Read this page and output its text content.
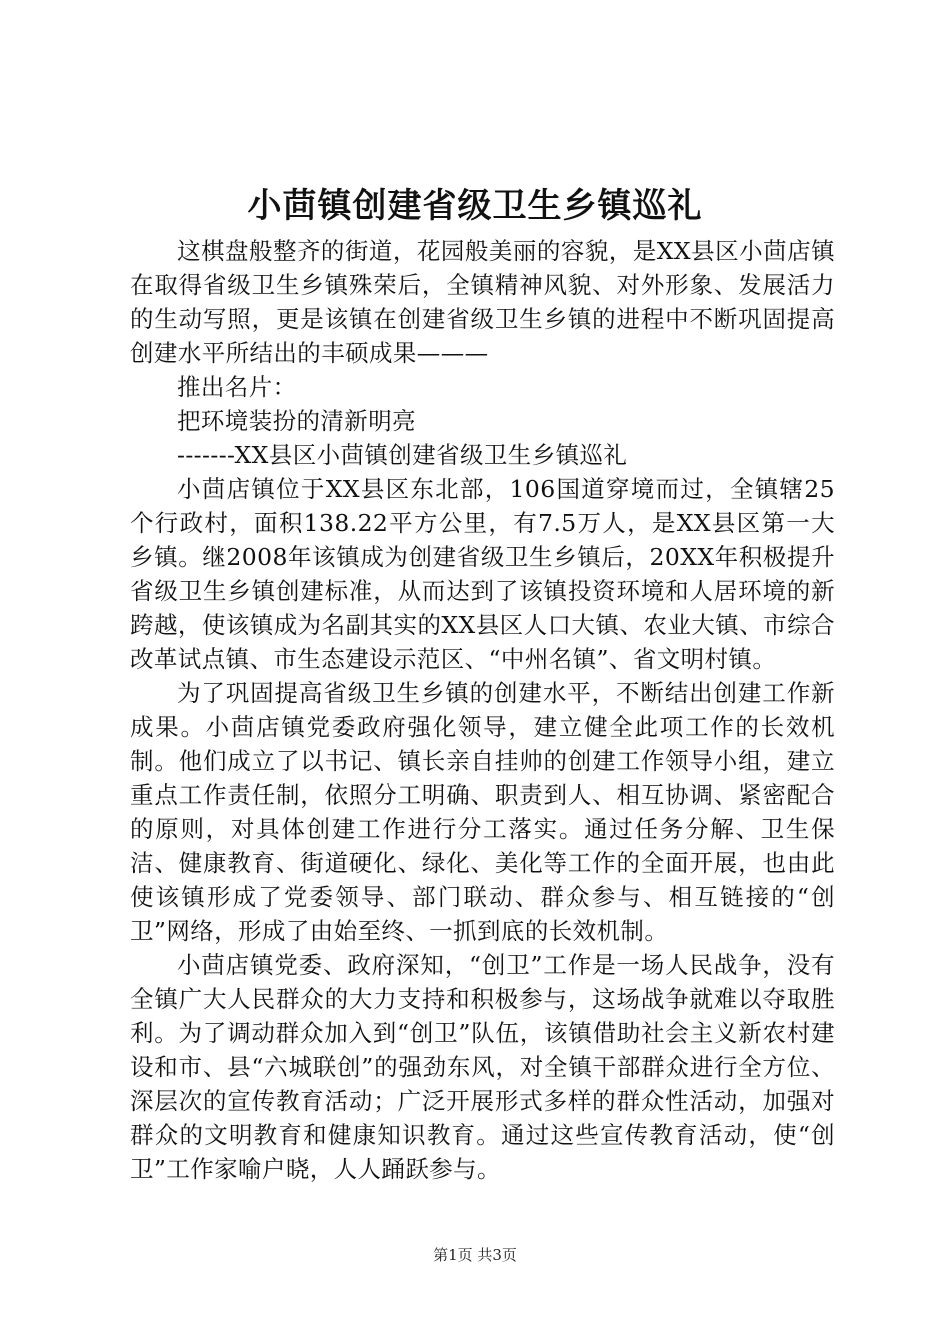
小茴镇创建省级卫生乡镇巡礼

这棋盘般整齐的街道，花园般美丽的容貌，是XX县区小茴店镇在取得省级卫生乡镇殊荣后，全镇精神风貌、对外形象、发展活力的生动写照，更是该镇在创建省级卫生乡镇的进程中不断巩固提高创建水平所结出的丰硕成果———

推出名片：

把环境装扮的清新明亮

-------XX县区小茴镇创建省级卫生乡镇巡礼

小茴店镇位于XX县区东北部，106国道穿境而过，全镇辖25个行政村，面积138.22平方公里，有7.5万人，是XX县区第一大乡镇。继2008年该镇成为创建省级卫生乡镇后，20XX年积极提升省级卫生乡镇创建标准，从而达到了该镇投资环境和人居环境的新跨越，使该镇成为名副其实的XX县区人口大镇、农业大镇、市综合改革试点镇、市生态建设示范区、“中州名镇”、省文明村镇。

为了巩固提高省级卫生乡镇的创建水平，不断结出创建工作新成果。小茴店镇党委政府强化领导，建立健全此项工作的长效机制。他们成立了以书记、镇长亲自挂帅的创建工作领导小组，建立重点工作责任制，依照分工明确、职责到人、相互协调、紧密配合的原则，对具体创建工作进行分工落实。通过任务分解、卫生保洁、健康教育、街道硬化、绿化、美化等工作的全面开展，也由此使该镇形成了党委领导、部门联动、群众参与、相互链接的“创卫”网络，形成了由始至终、一抓到底的长效机制。

小茴店镇党委、政府深知，“创卫”工作是一场人民战争，没有全镇广大人民群众的大力支持和积极参与，这场战争就难以夺取胜利。为了调动群众加入到“创卫”队伍，该镇借助社会主义新农村建设和市、县“六城联创”的强劲东风，对全镇干部群众进行全方位、深层次的宣传教育活动；广泛开展形式多样的群众性活动，加强对群众的文明教育和健康知识教育。通过这些宣传教育活动，使“创卫”工作家喻户晓，人人踊跃参与。

第1页 共3页
